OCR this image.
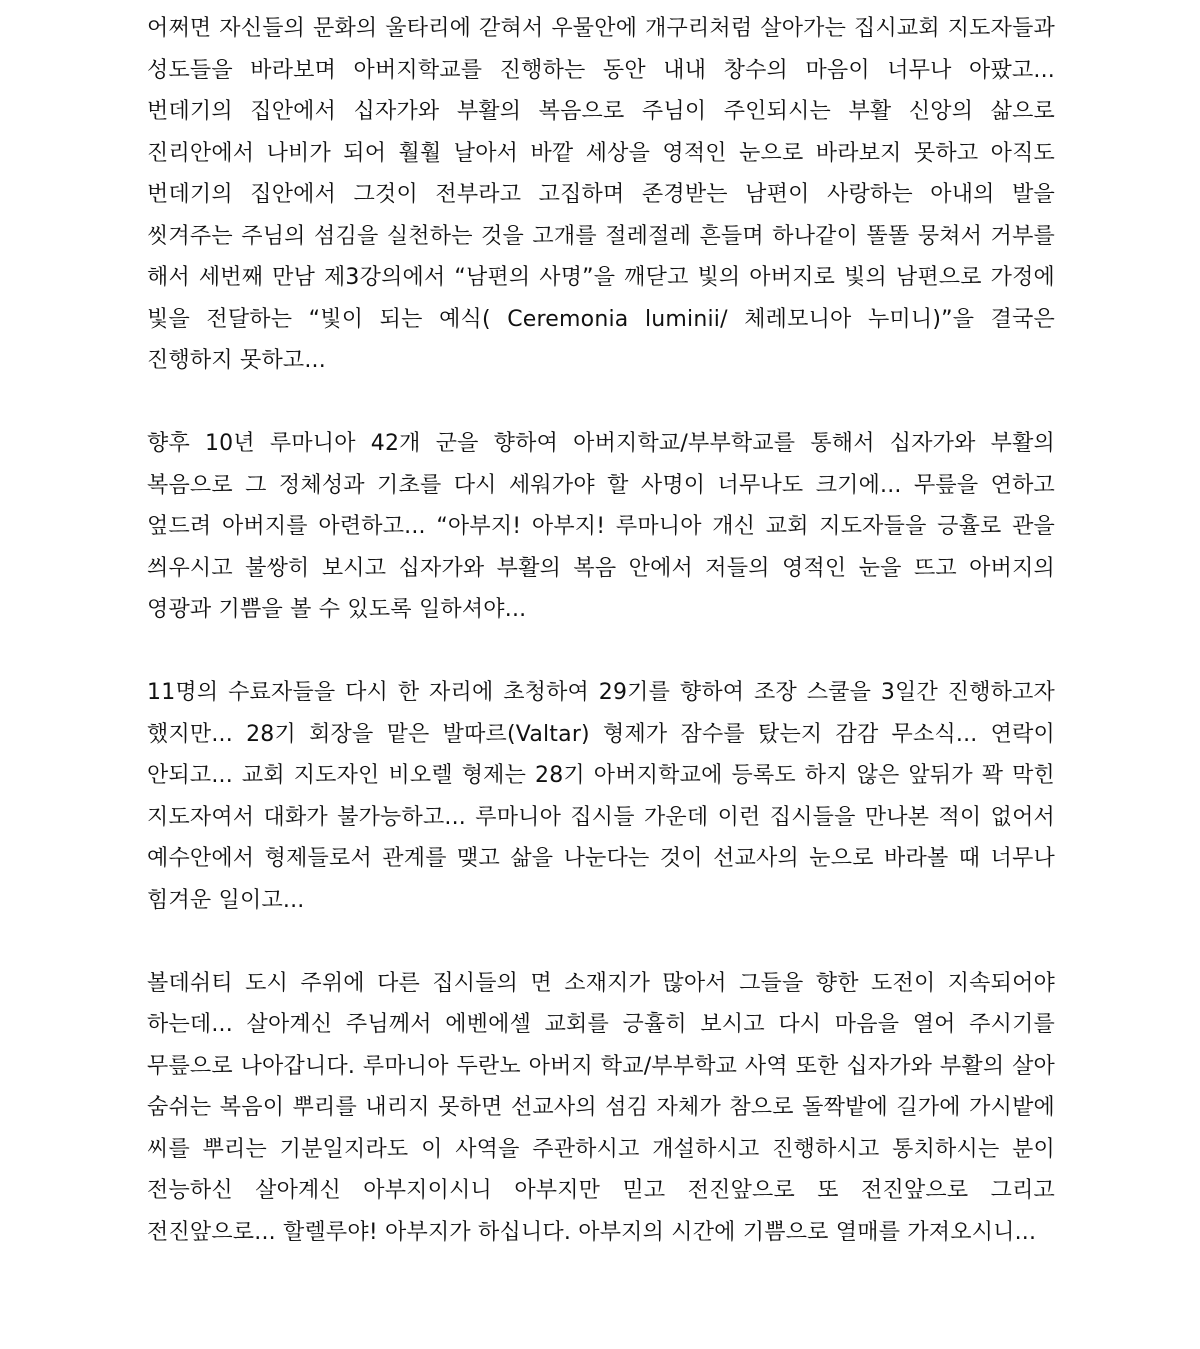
어쩌면 자신들의 문화의 울타리에 갇혀서 우물안에 개구리처럼 살아가는 집시교회 지도자들과 성도들을 바라보며 아버지학교를 진행하는 동안 내내 창수의 마음이 너무나 아팠고... 번데기의 집안에서 십자가와 부활의 복음으로 주님이 주인되시는 부활 신앙의 삶으로 진리안에서 나비가 되어 훨훨 날아서 바깥 세상을 영적인 눈으로 바라보지 못하고 아직도 번데기의 집안에서 그것이 전부라고 고집하며 존경받는 남편이 사랑하는 아내의 발을 씻겨주는 주님의 섬김을 실천하는 것을 고개를 절레절레 흔들며 하나같이 똘똘 뭉쳐서 거부를 해서 세번째 만남 제3강의에서 “남편의 사명”을 깨닫고 빛의 아버지로 빛의 남편으로 가정에 빛을 전달하는 “빛이 되는 예식( Ceremonia luminii/ 체레모니아 누미니)”을 결국은 진행하지 못하고...

향후 10년 루마니아 42개 군을 향하여 아버지학교/부부학교를 통해서 십자가와 부활의 복음으로 그 정체성과 기초를 다시 세워가야 할 사명이 너무나도 크기에... 무릎을 연하고 엎드려 아버지를 아련하고... “아부지! 아부지! 루마니아 개신 교회 지도자들을 긍휼로 관을 씌우시고 불쌍히 보시고 십자가와 부활의 복음 안에서 저들의 영적인 눈을 뜨고 아버지의 영광과 기쁨을 볼 수 있도록 일하셔야...

11명의 수료자들을 다시 한 자리에 초청하여 29기를 향하여 조장 스쿨을 3일간 진행하고자 했지만... 28기 회장을 맡은 발따르(Valtar) 형제가 잠수를 탔는지 감감 무소식... 연락이 안되고... 교회 지도자인 비오렐 형제는 28기 아버지학교에 등록도 하지 않은 앞뒤가 꽉 막힌 지도자여서 대화가 불가능하고... 루마니아 집시들 가운데 이런 집시들을 만나본 적이 없어서 예수안에서 형제들로서 관계를 맺고 삶을 나눈다는 것이 선교사의 눈으로 바라볼 때 너무나 힘겨운 일이고...

볼데쉬티 도시 주위에 다른 집시들의 면 소재지가 많아서 그들을 향한 도전이 지속되어야 하는데... 살아계신 주님께서 에벤에셀 교회를 긍휼히 보시고 다시 마음을 열어 주시기를 무릎으로 나아갑니다. 루마니아 두란노 아버지 학교/부부학교 사역 또한 십자가와 부활의 살아 숨쉬는 복음이 뿌리를 내리지 못하면 선교사의 섬김 자체가 참으로 돌짝밭에 길가에 가시밭에 씨를 뿌리는 기분일지라도 이 사역을 주관하시고 개설하시고 진행하시고 통치하시는 분이 전능하신 살아계신 아부지이시니 아부지만 믿고 전진앞으로 또 전진앞으로 그리고 전진앞으로... 할렐루야! 아부지가 하십니다. 아부지의 시간에 기쁨으로 열매를 가져오시니...
